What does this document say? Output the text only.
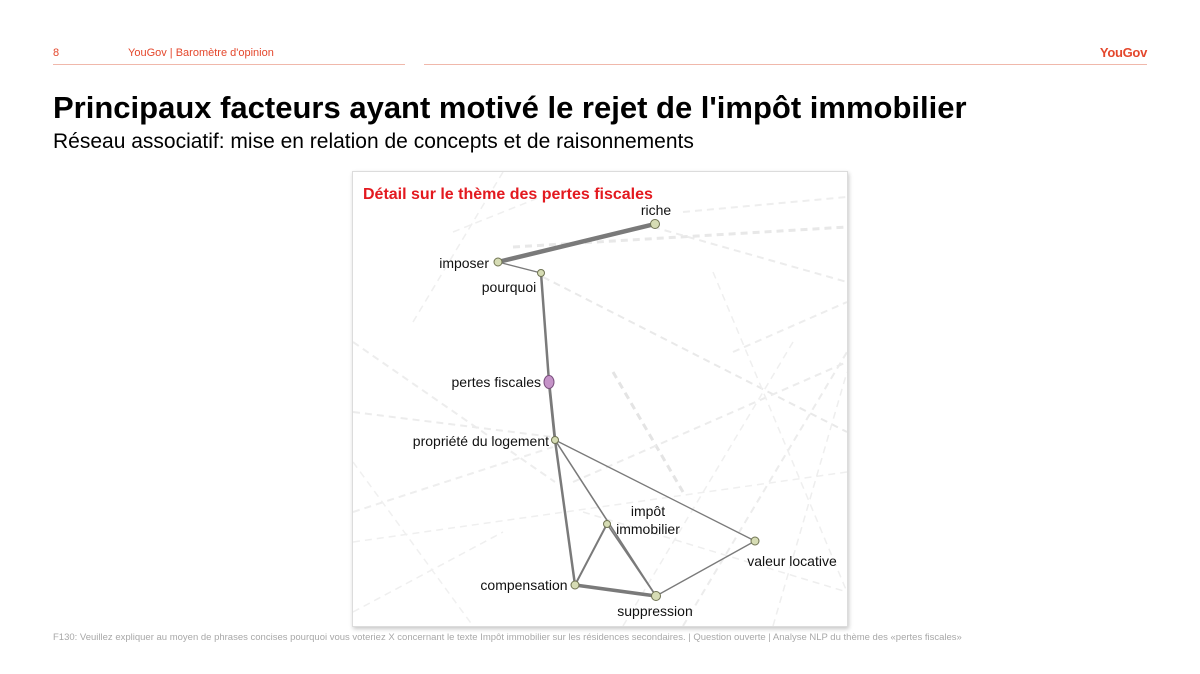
8	YouGov | Baromètre d'opinion	YouGov
Principaux facteurs ayant motivé le rejet de l'impôt immobilier
Réseau associatif: mise en relation de concepts et de raisonnements
riche
imposer
pourquoi
pertes fiscales
propriété du logement
impôt
immobilier
valeur locative
compensation
suppression
Détail sur le thème des pertes fiscales
F130: Veuillez expliquer au moyen de phrases concises pourquoi vous voteriez X concernant le texte Impôt immobilier sur les résidences secondaires. | Question ouverte | Analyse NLP du thème des «pertes fiscales»
